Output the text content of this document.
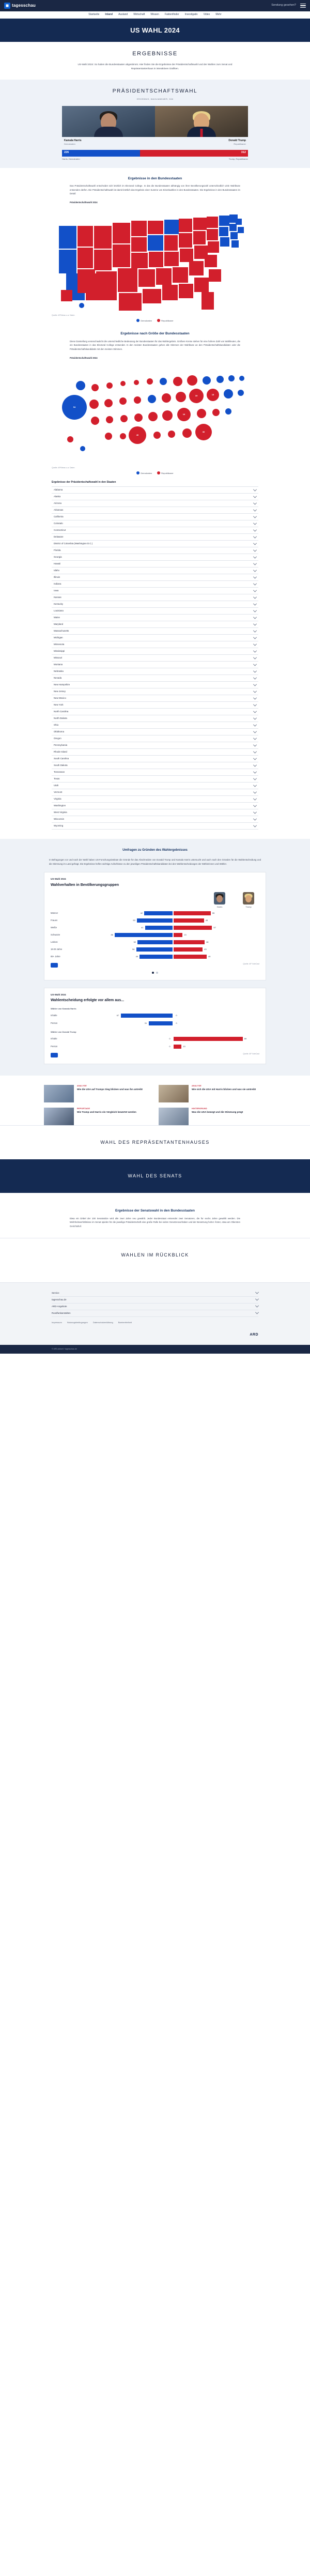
tagesschau	Sendung gesehen?
Startseite Inland Ausland Wirtschaft Wissen Faktenfinder Investigativ Video Mehr
US WAHL 2024
ERGEBNISSE
US-Wahl 2024: So haben die Bundesstaaten abgestimmt. Hier finden Sie die Ergebnisse der Präsidentschaftswahl und der Wahlen zum Senat und Repräsentantenhaus in interaktiven Grafiken.
PRÄSIDENTSCHAFTSWAHL
ERGEBNIS, WAHLMÄNNER, 538
Kamala Harris
Demokraten
Donald Trump
Republikaner
226	312
Harris, Demokraten	Trump, Republikaner
Ergebnisse in den Bundesstaaten
Das Präsidentschaftswahl entscheidet sich letztlich im Electoral College. In das die Bundesstaaten abhängig von ihrer Bevölkerungszahl unterschiedlich viele Wahlleute entsenden dürfen. Die Präsidentschaftswahl ist damit letztlich das Ergebnis einer Summe von Einzelwahlen in den Bundesstaaten. Die Ergebnisse in den Bundesstaaten im Detail:
Präsidentschaftswahl 2024
Quelle: AP/News u.a. Daten
Demokraten	Republikaner
Ergebnisse nach Größe der Bundesstaaten
Diese Darstellung veranschaulicht die unterschiedliche Bedeutung der Bundesstaaten für das Wahlergebnis. Größere Kreise stehen für eine höhere Zahl von Wahlleuten, die ein Bundesstaaten in das Electoral College entsendet. In den meisten Bundesstaaten gehen alle Stimmen der Wahlleute an den Präsidentschaftskandidaten oder die Präsidentschaftskandidatin mit den meisten Stimmen.
Präsidentschaftswahl 2024
54
19	15
16
40
30
Quelle: AP/News u.a. Daten
Demokraten	Republikaner
Ergebnisse der Präsidentschaftswahl in den Staaten
Alabama
Alaska
Arizona
Arkansas
California
Colorado
Connecticut
Delaware
District of Columbia (Washington D.C.)
Florida
Georgia
Hawaii
Idaho
Illinois
Indiana
Iowa
Kansas
Kentucky
Louisiana
Maine
Maryland
Massachusetts
Michigan
Minnesota
Mississippi
Missouri
Montana
Nebraska
Nevada
New Hampshire
New Jersey
New Mexico
New York
North Carolina
North Dakota
Ohio
Oklahoma
Oregon
Pennsylvania
Rhode Island
South Carolina
South Dakota
Tennessee
Texas
Utah
Vermont
Virginia
Washington
West Virginia
Wisconsin
Wyoming
Umfragen zu Gründen des Wahlergebnisses
In Befragungen vor und nach der Wahl haben US-Forschungsinstitute die Gründe für das Abschneiden von Donald Trump und Kamala Harris untersucht und auch nach den Gründen für die Wahlentscheidung und die Stimmung im Land gefragt. Die Ergebnisse helfen wichtige Aufschlüsse zu den jeweiligen Präsidentschaftskandidaten bei den Wahlentscheidungen der Wählerinnen und Wähler.
US-Wahl 2024
Wahlverhalten in Bevölkerungsgruppen
Harris	Trump
Männer	42	55
Frauen	53	45
Weiße	41	57
Schwarze	86	13
Latinos	52	46
18-29 Jahre	54	43
65+ Jahre	49	49
Quelle: AP VoteCast
US-Wahl 2024
Wahlentscheidung erfolgte vor allem aus...
Wähler von Kamala Harris
Inhalte	67	0
Person	31	0
Wähler von Donald Trump
Inhalte	0	89
Person	0	10
Quelle: AP VoteCast
ANALYSE
Wie die USA auf Trumps Sieg blicken und was ihn antreibt
ANALYSE
Wie sich die USA mit Harris blicken und was sie umtreibt
REPORTAGE
Wie Trump und Harris ein Vergleich bewertet werden
HINTERGRUND
Was die USA bewegt und die Stimmung prägt
WAHL DES REPRÄSENTANTENHAUSES
WAHL DES SENATS
Ergebnisse der Senatswahl in den Bundesstaaten
Etwa ein Drittel der 100 Senatssitze wird alle zwei Jahre neu gewählt. Jeder Bundesstaat entsendet zwei Senatoren, die für sechs Jahre gewählt werden. Die Mehrheitsverhältnisse im Senat spielen für die jeweilige Präsidentschaft eine große Rolle bei vielen Gesetzesvorhaben und der Besetzung hoher Ämter, etwa am Obersten Gerichtshof.
WAHLEN IM RÜCKBLICK
Service
tagesschau.de
ARD-Angebote
Rundfunkanstalten
Impressum	Nutzungsbedingungen	Datenschutzerklärung	Barrierefreiheit
ARD
© ARD-aktuell / tagesschau.de
